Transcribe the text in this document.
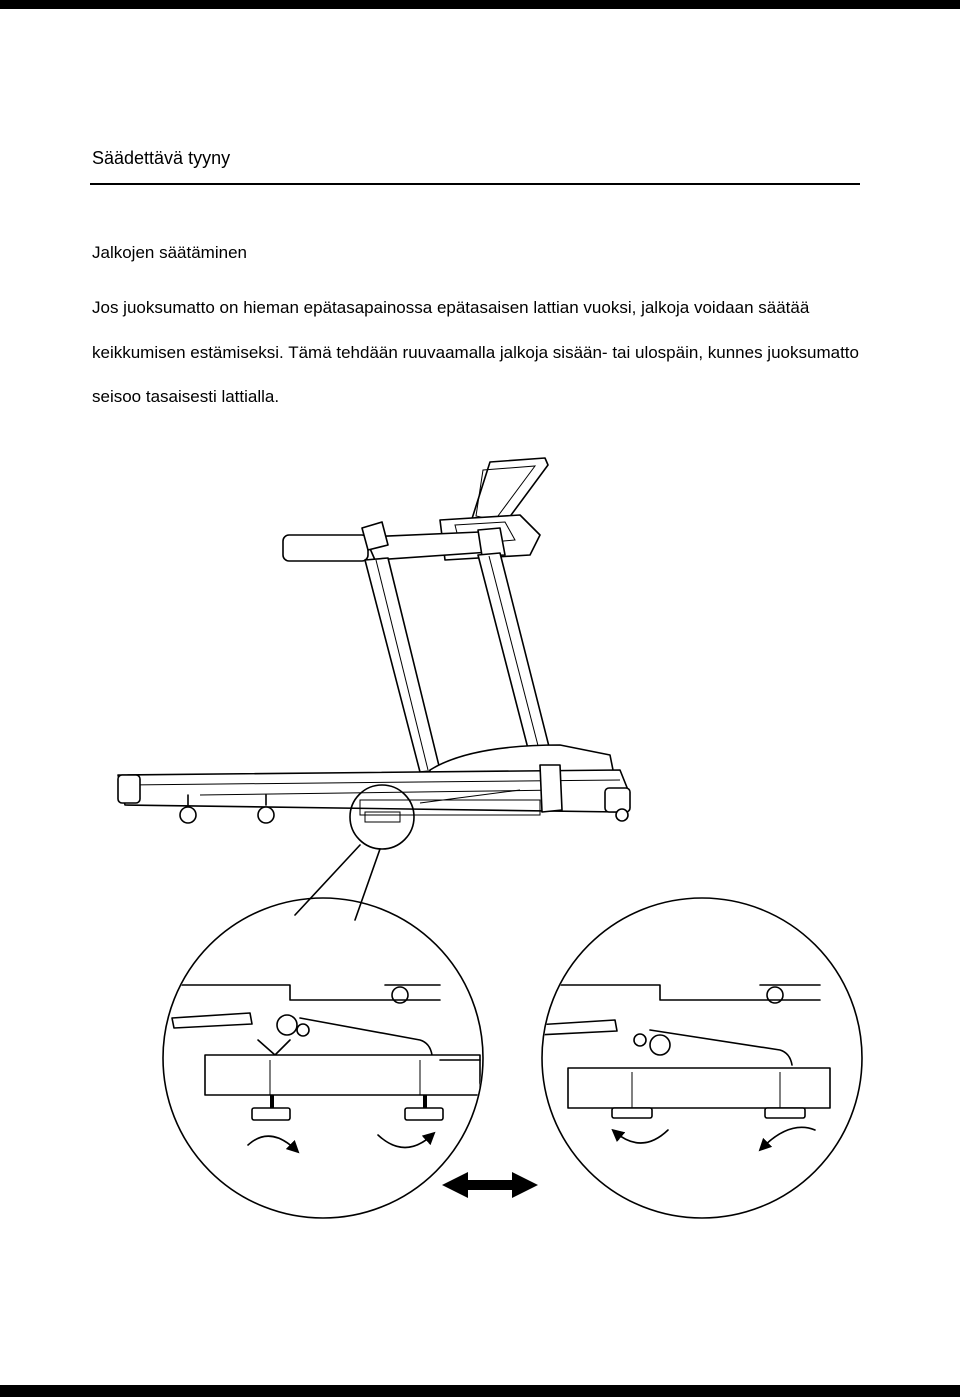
Säädettävä tyyny
Jalkojen säätäminen

Jos juoksumatto on hieman epätasapainossa epätasaisen lattian vuoksi, jalkoja voidaan säätää keikkumisen estämiseksi. Tämä tehdään ruuvaamalla jalkoja sisään- tai ulospäin, kunnes juoksumatto seisoo tasaisesti lattialla.
